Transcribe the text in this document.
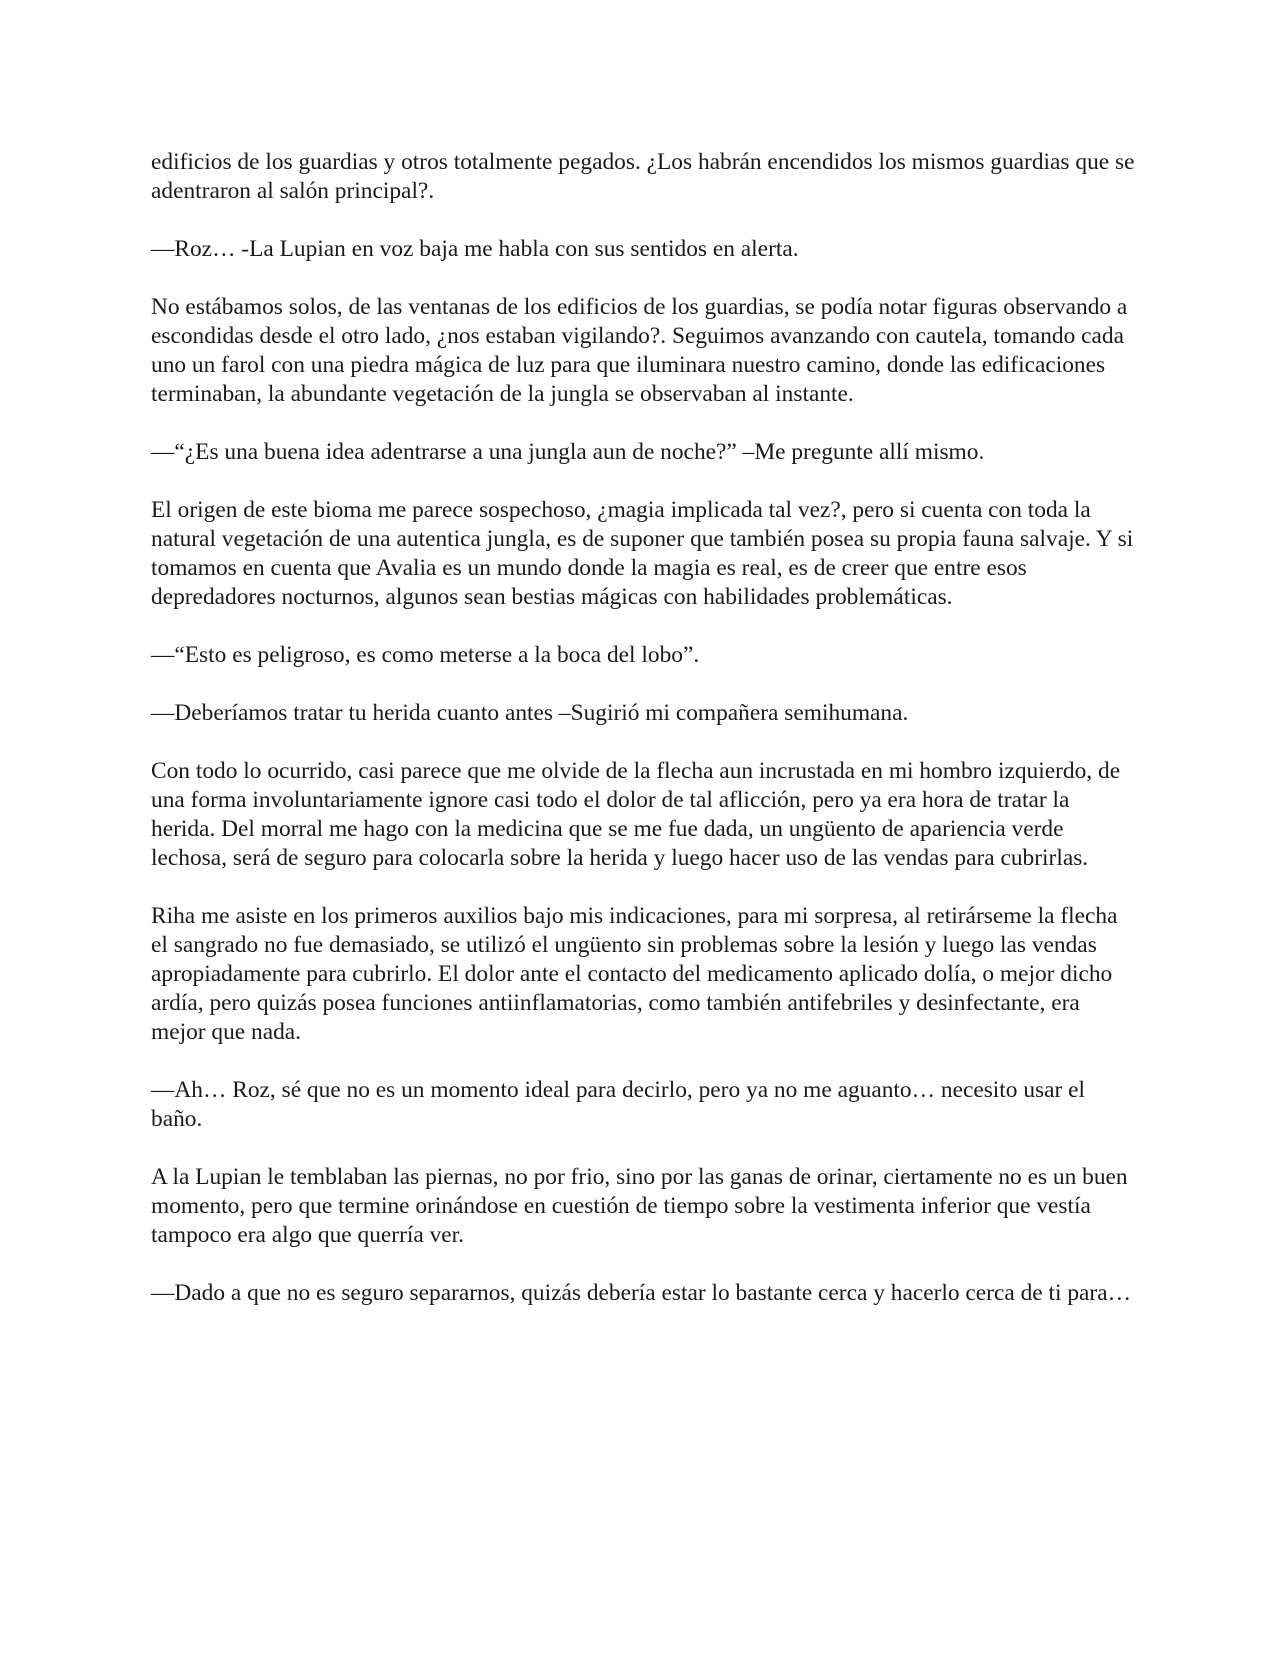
edificios de los guardias y otros totalmente pegados. ¿Los habrán encendidos los mismos guardias que se adentraron al salón principal?.

—Roz… -La Lupian en voz baja me habla con sus sentidos en alerta.

No estábamos solos, de las ventanas de los edificios de los guardias, se podía notar figuras observando a escondidas desde el otro lado, ¿nos estaban vigilando?. Seguimos avanzando con cautela, tomando cada uno un farol con una piedra mágica de luz para que iluminara nuestro camino, donde las edificaciones terminaban, la abundante vegetación de la jungla se observaban al instante.

—“¿Es una buena idea adentrarse a una jungla aun de noche?” –Me pregunte allí mismo.

El origen de este bioma me parece sospechoso, ¿magia implicada tal vez?, pero si cuenta con toda la natural vegetación de una autentica jungla, es de suponer que también posea su propia fauna salvaje. Y si tomamos en cuenta que Avalia es un mundo donde la magia es real, es de creer que entre esos depredadores nocturnos, algunos sean bestias mágicas con habilidades problemáticas.

—“Esto es peligroso, es como meterse a la boca del lobo”.

—Deberíamos tratar tu herida cuanto antes –Sugirió mi compañera semihumana.

Con todo lo ocurrido, casi parece que me olvide de la flecha aun incrustada en mi hombro izquierdo, de una forma involuntariamente ignore casi todo el dolor de tal aflicción, pero ya era hora de tratar la herida. Del morral me hago con la medicina que se me fue dada, un ungüento de apariencia verde lechosa, será de seguro para colocarla sobre la herida y luego hacer uso de las vendas para cubrirlas.

Riha me asiste en los primeros auxilios bajo mis indicaciones, para mi sorpresa, al retirárseme la flecha el sangrado no fue demasiado, se utilizó el ungüento sin problemas sobre la lesión y luego las vendas apropiadamente para cubrirlo. El dolor ante el contacto del medicamento aplicado dolía, o mejor dicho ardía, pero quizás posea funciones antiinflamatorias, como también antifebriles y desinfectante, era mejor que nada.

—Ah… Roz, sé que no es un momento ideal para decirlo, pero ya no me aguanto… necesito usar el baño.

A la Lupian le temblaban las piernas, no por frio, sino por las ganas de orinar, ciertamente no es un buen momento, pero que termine orinándose en cuestión de tiempo sobre la vestimenta inferior que vestía tampoco era algo que querría ver.

—Dado a que no es seguro separarnos, quizás debería estar lo bastante cerca y hacerlo cerca de ti para…
